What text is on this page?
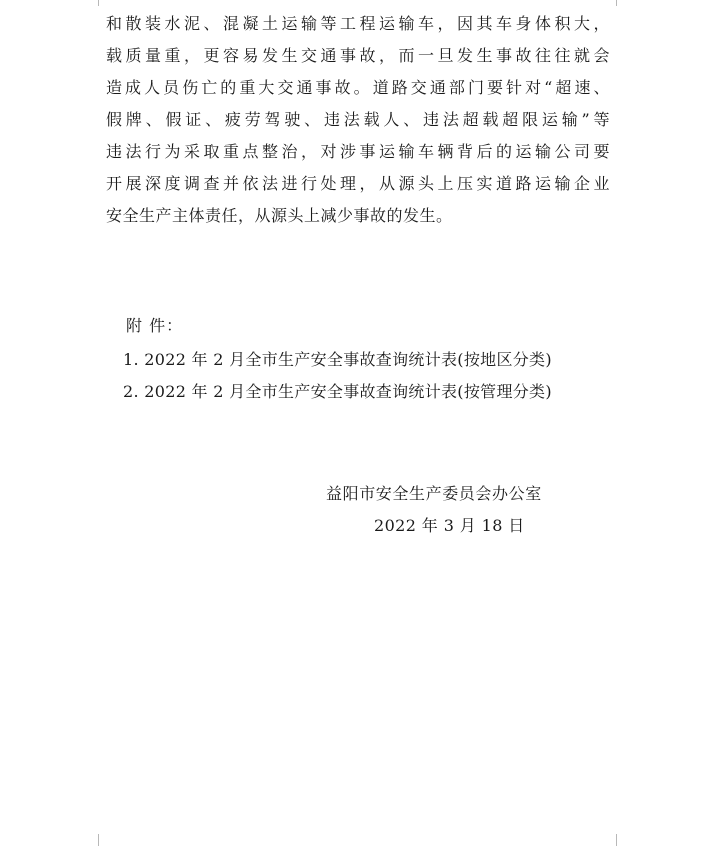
和散装水泥、混凝土运输等工程运输车，因其车身体积大，
载质量重，更容易发生交通事故，而一旦发生事故往往就会
造成人员伤亡的重大交通事故。道路交通部门要针对“超速、
假牌、假证、疲劳驾驶、违法载人、违法超载超限运输”等
违法行为采取重点整治，对涉事运输车辆背后的运输公司要
开展深度调查并依法进行处理，从源头上压实道路运输企业
安全生产主体责任，从源头上减少事故的发生。
附 件：
1. 2022 年 2 月全市生产安全事故查询统计表(按地区分类)
2. 2022 年 2 月全市生产安全事故查询统计表(按管理分类)
益阳市安全生产委员会办公室
2022 年 3 月 18 日
